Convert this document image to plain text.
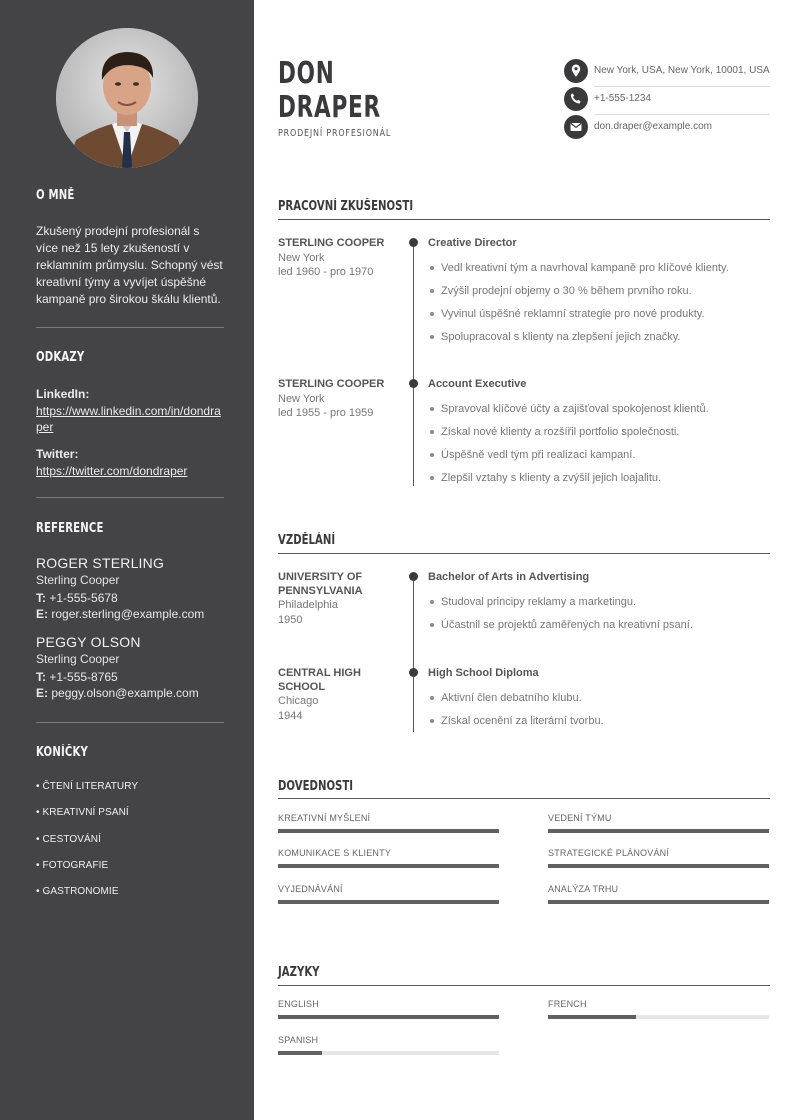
O MNĚ
Zkušený prodejní profesionál s více než 15 lety zkušeností v reklamním průmyslu. Schopný vést kreativní týmy a vyvíjet úspěšné kampaně pro širokou škálu klientů.
ODKAZY
LinkedIn:
https://www.linkedin.com/in/dondraper
Twitter:
https://twitter.com/dondraper
REFERENCE
ROGER STERLING
Sterling Cooper
T: +1-555-5678
E: roger.sterling@example.com
PEGGY OLSON
Sterling Cooper
T: +1-555-8765
E: peggy.olson@example.com
KONÍČKY
• ČTENÍ LITERATURY
• KREATIVNÍ PSANÍ
• CESTOVÁNÍ
• FOTOGRAFIE
• GASTRONOMIE
DON
DRAPER
PRODEJNÍ PROFESIONÁL
New York, USA, New York, 10001, USA
+1-555-1234
don.draper@example.com
PRACOVNÍ ZKUŠENOSTI
STERLING COOPER
New York
led 1960 - pro 1970
Creative Director
Vedl kreativní tým a navrhoval kampaně pro klíčové klienty.
Zvýšil prodejní objemy o 30 % během prvního roku.
Vyvinul úspěšné reklamní strategie pro nové produkty.
Spolupracoval s klienty na zlepšení jejich značky.
STERLING COOPER
New York
led 1955 - pro 1959
Account Executive
Spravoval klíčové účty a zajišťoval spokojenost klientů.
Získal nové klienty a rozšířil portfolio společnosti.
Úspěšně vedl tým při realizaci kampaní.
Zlepšil vztahy s klienty a zvýšil jejich loajalitu.
VZDĚLÁNÍ
UNIVERSITY OF PENNSYLVANIA
Philadelphia
1950
Bachelor of Arts in Advertising
Studoval principy reklamy a marketingu.
Účastnil se projektů zaměřených na kreativní psaní.
CENTRAL HIGH SCHOOL
Chicago
1944
High School Diploma
Aktivní člen debatního klubu.
Získal ocenění za literární tvorbu.
DOVEDNOSTI
KREATIVNÍ MYŠLENÍ	VEDENÍ TÝMU
KOMUNIKACE S KLIENTY	STRATEGICKÉ PLÁNOVÁNÍ
VYJEDNÁVÁNÍ	ANALÝZA TRHU
JAZYKY
ENGLISH	FRENCH
SPANISH
